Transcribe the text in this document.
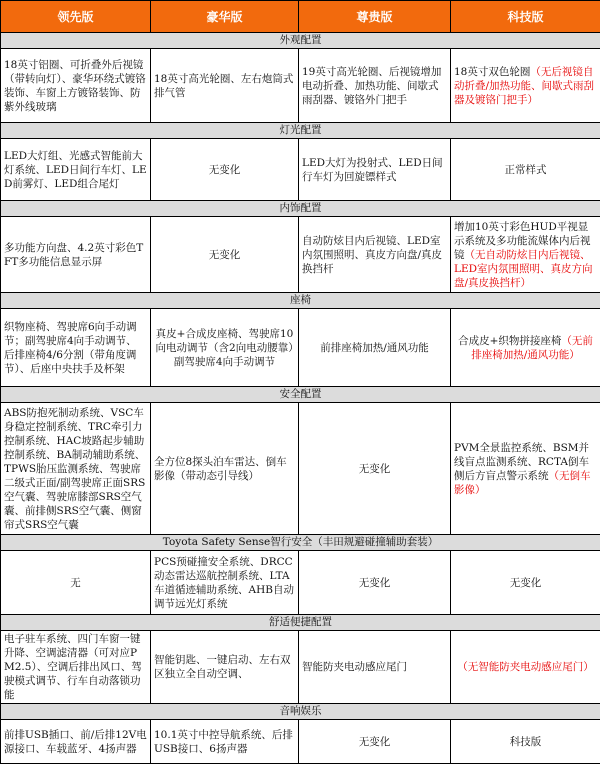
领先版	豪华版	尊贵版	科技版
外观配置			
18英寸铝圈、可折叠外后视镜（带转向灯）、豪华环绕式镀铬装饰、车窗上方镀铬装饰、防紫外线玻璃	18英寸高光轮圈、左右炮筒式排气管	19英寸高光轮圈、后视镜增加电动折叠、加热功能、间歇式雨刮器、镀铬外门把手	18英寸双色轮圈（无后视镜自动折叠/加热功能、间歇式雨刮器及镀铬门把手）
灯光配置			
LED大灯组、光感式智能前大灯系统、LED日间行车灯、LED前雾灯、LED组合尾灯	无变化	LED大灯为投射式、LED日间行车灯为回旋镖样式	正常样式
内饰配置			
多功能方向盘、4.2英寸彩色TFT多功能信息显示屏	无变化	自动防炫目内后视镜、LED室内氛围照明、真皮方向盘/真皮换挡杆	增加10英寸彩色HUD平视显示系统及多功能流媒体内后视镜（无自动防炫目内后视镜、LED室内氛围照明、真皮方向盘/真皮换挡杆）
座椅			
织物座椅、驾驶席6向手动调节；副驾驶席4向手动调节、后排座椅4/6分割（带角度调节）、后座中央扶手及杯架	真皮+合成皮座椅、驾驶席10向电动调节（含2向电动腰靠）副驾驶席4向手动调节	前排座椅加热/通风功能	合成皮+织物拼接座椅（无前排座椅加热/通风功能）
安全配置			
ABS防抱死制动系统、VSC车身稳定控制系统、TRC牵引力控制系统、HAC坡路起步辅助控制系统、BA制动辅助系统、TPWS胎压监测系统、驾驶席二级式正面/副驾驶席正面SRS空气囊、驾驶席膝部SRS空气囊、前排侧SRS空气囊、侧窗帘式SRS空气囊	全方位8探头泊车雷达、倒车影像（带动态引导线）	无变化	PVM全景监控系统、BSM并线盲点监测系统、RCTA倒车侧后方盲点警示系统（无倒车影像）
Toyota Safety Sense智行安全（丰田规避碰撞辅助套装）			
无	PCS预碰撞安全系统、DRCC动态雷达巡航控制系统、LTA车道循迹辅助系统、AHB自动调节远光灯系统	无变化	无变化
舒适便捷配置			
电子驻车系统、四门车窗一键升降、空调滤清器（可对应PM2.5）、空调后排出风口、驾驶模式调节、行车自动落锁功能	智能钥匙、一键启动、左右双区独立全自动空调、	智能防夹电动感应尾门	（无智能防夹电动感应尾门）
音响娱乐			
前排USB插口、前/后排12V电源接口、车载蓝牙、4扬声器	10.1英寸中控导航系统、后排USB接口、6扬声器	无变化	科技版
